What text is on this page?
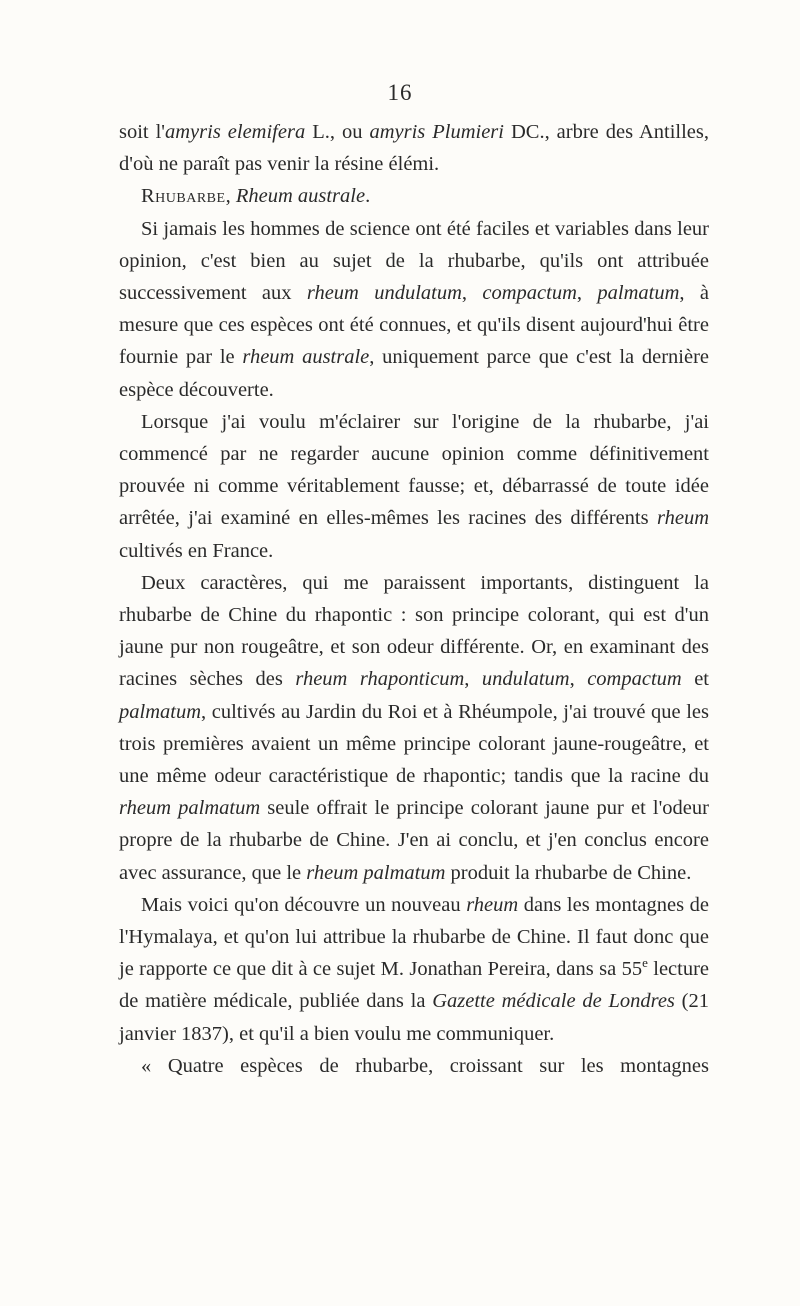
16

soit l'amyris elemifera L., ou amyris Plumieri DC., arbre des Antilles, d'où ne paraît pas venir la résine élémi.

Rhubarbe, Rheum australe.

Si jamais les hommes de science ont été faciles et variables dans leur opinion, c'est bien au sujet de la rhubarbe, qu'ils ont attribuée successivement aux rheum undulatum, compactum, palmatum, à mesure que ces espèces ont été connues, et qu'ils disent aujourd'hui être fournie par le rheum australe, uniquement parce que c'est la dernière espèce découverte.

Lorsque j'ai voulu m'éclairer sur l'origine de la rhubarbe, j'ai commencé par ne regarder aucune opinion comme définitivement prouvée ni comme véritablement fausse; et, débarrassé de toute idée arrêtée, j'ai examiné en elles-mêmes les racines des différents rheum cultivés en France.

Deux caractères, qui me paraissent importants, distinguent la rhubarbe de Chine du rhapontic : son principe colorant, qui est d'un jaune pur non rougeâtre, et son odeur différente. Or, en examinant des racines sèches des rheum rhaponticum, undulatum, compactum et palmatum, cultivés au Jardin du Roi et à Rhéumpole, j'ai trouvé que les trois premières avaient un même principe colorant jaune-rougeâtre, et une même odeur caractéristique de rhapontic; tandis que la racine du rheum palmatum seule offrait le principe colorant jaune pur et l'odeur propre de la rhubarbe de Chine. J'en ai conclu, et j'en conclus encore avec assurance, que le rheum palmatum produit la rhubarbe de Chine.

Mais voici qu'on découvre un nouveau rheum dans les montagnes de l'Hymalaya, et qu'on lui attribue la rhubarbe de Chine. Il faut donc que je rapporte ce que dit à ce sujet M. Jonathan Pereira, dans sa 55e lecture de matière médicale, publiée dans la Gazette médicale de Londres (21 janvier 1837), et qu'il a bien voulu me communiquer.

« Quatre espèces de rhubarbe, croissant sur les montagnes
